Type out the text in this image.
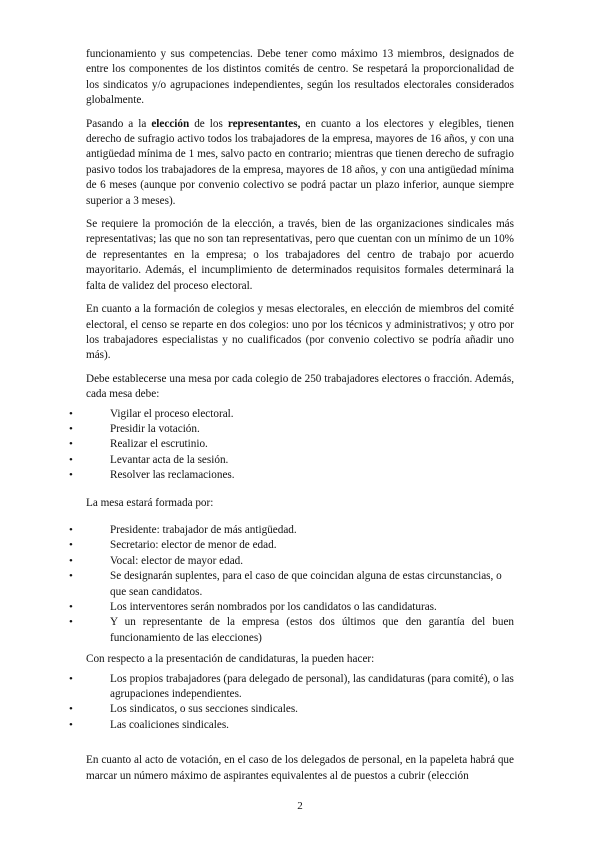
funcionamiento y sus competencias. Debe tener como máximo 13 miembros, designados de entre los componentes de los distintos comités de centro. Se respetará la proporcionalidad de los sindicatos y/o agrupaciones independientes, según los resultados electorales considerados globalmente.

Pasando a la elección de los representantes, en cuanto a los electores y elegibles, tienen derecho de sufragio activo todos los trabajadores de la empresa, mayores de 16 años, y con una antigüedad mínima de 1 mes, salvo pacto en contrario; mientras que tienen derecho de sufragio pasivo todos los trabajadores de la empresa, mayores de 18 años, y con una antigüedad mínima de 6 meses (aunque por convenio colectivo se podrá pactar un plazo inferior, aunque siempre superior a 3 meses).

Se requiere la promoción de la elección, a través, bien de las organizaciones sindicales más representativas; las que no son tan representativas, pero que cuentan con un mínimo de un 10% de representantes en la empresa; o los trabajadores del centro de trabajo por acuerdo mayoritario. Además, el incumplimiento de determinados requisitos formales determinará la falta de validez del proceso electoral.

En cuanto a la formación de colegios y mesas electorales, en elección de miembros del comité electoral, el censo se reparte en dos colegios: uno por los técnicos y administrativos; y otro por los trabajadores especialistas y no cualificados (por convenio colectivo se podría añadir uno más).

Debe establecerse una mesa por cada colegio de 250 trabajadores electores o fracción. Además, cada mesa debe:

• Vigilar el proceso electoral.
• Presidir la votación.
• Realizar el escrutinio.
• Levantar acta de la sesión.
• Resolver las reclamaciones.

La mesa estará formada por:

• Presidente: trabajador de más antigüedad.
• Secretario: elector de menor de edad.
• Vocal: elector de mayor edad.
• Se designarán suplentes, para el caso de que coincidan alguna de estas circunstancias, o que sean candidatos.
• Los interventores serán nombrados por los candidatos o las candidaturas.
• Y un representante de la empresa (estos dos últimos que den garantía del buen funcionamiento de las elecciones)

Con respecto a la presentación de candidaturas, la pueden hacer:

• Los propios trabajadores (para delegado de personal), las candidaturas (para comité), o las agrupaciones independientes.
• Los sindicatos, o sus secciones sindicales.
• Las coaliciones sindicales.

En cuanto al acto de votación, en el caso de los delegados de personal, en la papeleta habrá que marcar un número máximo de aspirantes equivalentes al de puestos a cubrir (elección

2
